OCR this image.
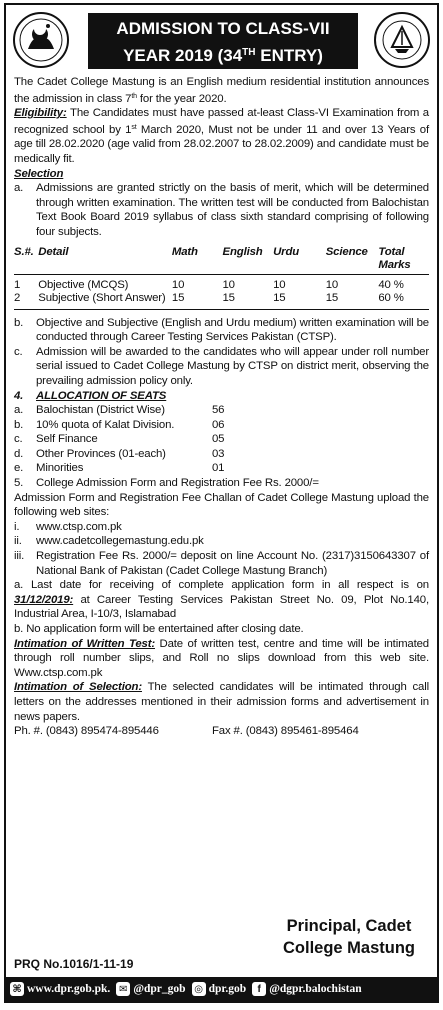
ADMISSION TO CLASS-VII
YEAR 2019 (34TH ENTRY)

The Cadet College Mastung is an English medium residential institution announces the admission in class 7th for the year 2020.

Eligibility: The Candidates must have passed at-least Class-VI Examination from a recognized school by 1st March 2020, Must not be under 11 and over 13 Years of age till 28.02.2020 (age valid from 28.02.2007 to 28.02.2009) and candidate must be medically fit.

Selection

a.	Admissions are granted strictly on the basis of merit, which will be determined through written examination. The written test will be conducted from Balochistan Text Book Board 2019 syllabus of class sixth standard comprising of following four subjects.
S.#.	Detail	Math	English	Urdu	Science	Total Marks

1	Objective (MCQS)	10	10	10	10	40 %
2	Subjective (Short Answer)	15	15	15	15	60 %

b.	Objective and Subjective (English and Urdu medium) written examination will be conducted through Career Testing Services Pakistan (CTSP).
c.	Admission will be awarded to the candidates who will appear under roll number serial issued to Cadet College Mastung by CTSP on district merit, observing the prevailing admission policy only.
4.	ALLOCATION OF SEATS
a.	Balochistan (District Wise)	56
b.	10% quota of Kalat Division.	06
c.	Self Finance	05
d.	Other Provinces (01-each)	03
e.	Minorities	01
5.	College Admission Form and Registration Fee Rs. 2000/=

Admission Form and Registration Fee Challan of Cadet College Mastung upload the following web sites:

i.	www.ctsp.com.pk
ii.	www.cadetcollegemastung.edu.pk
iii.	Registration Fee Rs. 2000/= deposit on line Account No. (2317)3150643307 of National Bank of Pakistan (Cadet College Mastung Branch)

a. Last date for receiving of complete application form in all respect is on 31/12/2019: at Career Testing Services Pakistan Street No. 09, Plot No.140, Industrial Area, I-10/3, Islamabad

b. No application form will be entertained after closing date.

Intimation of Written Test: Date of written test, centre and time will be intimated through roll number slips, and Roll no slips download from this web site. Www.ctsp.com.pk

Intimation of Selection: The selected candidates will be intimated through call letters on the addresses mentioned in their admission forms and advertisement in news papers.

Ph. #. (0843) 895474-895446	Fax #. (0843) 895461-895464
Principal, Cadet
College Mastung
PRQ No.1016/1-11-19
⌘ www.dpr.gob.pk. ✉ @dpr_gob ◎ dpr.gob	f @dgpr.balochistan
